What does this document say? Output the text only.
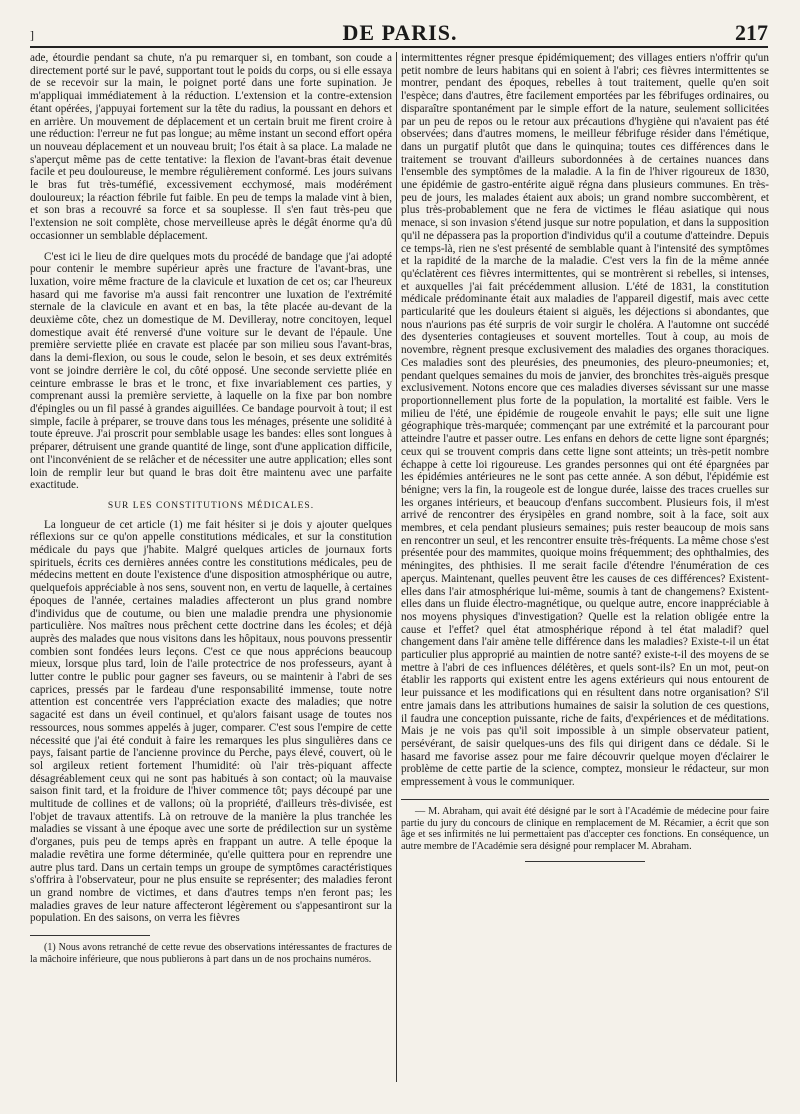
]	DE PARIS.	217

ade, étourdie pendant sa chute, n'a pu remarquer si, en tombant, son coude a directement porté sur le pavé, supportant tout le poids du corps, ou si elle essaya de se recevoir sur la main, le poignet porté dans une forte supination. Je m'appliquai immédiatement à la réduction. L'extension et la contre-extension étant opérées, j'appuyai fortement sur la tête du radius, la poussant en dehors et en arrière. Un mouvement de déplacement et un certain bruit me firent croire à une réduction: l'erreur ne fut pas longue; au même instant un second effort opéra un nouveau déplacement et un nouveau bruit; l'os était à sa place. La malade ne s'aperçut même pas de cette tentative: la flexion de l'avant-bras était devenue facile et peu douloureuse, le membre régulièrement conformé. Les jours suivans le bras fut très-tuméfié, excessivement ecchymosé, mais modérément douloureux; la réaction fébrile fut faible. En peu de temps la malade vint à bien, et son bras a recouvré sa force et sa souplesse. Il s'en faut très-peu que l'extension ne soit complète, chose merveilleuse après le dégât énorme qu'a dû occasionner un semblable déplacement.

C'est ici le lieu de dire quelques mots du procédé de bandage que j'ai adopté pour contenir le membre supérieur après une fracture de l'avant-bras, une luxation, voire même fracture de la clavicule et luxation de cet os; car l'heureux hasard qui me favorise m'a aussi fait rencontrer une luxation de l'extrémité sternale de la clavicule en avant et en bas, la tête placée au-devant de la deuxième côte, chez un domestique de M. Devilleray, notre concitoyen, lequel domestique avait été renversé d'une voiture sur le devant de l'épaule. Une première serviette pliée en cravate est placée par son milieu sous l'avant-bras, dans la demi-flexion, ou sous le coude, selon le besoin, et ses deux extrémités vont se joindre derrière le col, du côté opposé. Une seconde serviette pliée en ceinture embrasse le bras et le tronc, et fixe invariablement ces parties, y comprenant aussi la première serviette, à laquelle on la fixe par bon nombre d'épingles ou un fil passé à grandes aiguillées. Ce bandage pourvoit à tout; il est simple, facile à préparer, se trouve dans tous les ménages, présente une solidité à toute épreuve. J'ai proscrit pour semblable usage les bandes: elles sont longues à préparer, détruisent une grande quantité de linge, sont d'une application difficile, ont l'inconvénient de se relâcher et de nécessiter une autre application; elles sont loin de remplir leur but quand le bras doit être maintenu avec une parfaite exactitude.

SUR LES CONSTITUTIONS MÉDICALES.

La longueur de cet article (1) me fait hésiter si je dois y ajouter quelques réflexions sur ce qu'on appelle constitutions médicales, et sur la constitution médicale du pays que j'habite. Malgré quelques articles de journaux forts spirituels, écrits ces dernières années contre les constitutions médicales, peu de médecins mettent en doute l'existence d'une disposition atmosphérique ou autre, quelquefois appréciable à nos sens, souvent non, en vertu de laquelle, à certaines époques de l'année, certaines maladies affecteront un plus grand nombre d'individus que de coutume, ou bien une maladie prendra une physionomie particulière. Nos maîtres nous prêchent cette doctrine dans les écoles; et déjà auprès des malades que nous visitons dans les hôpitaux, nous pouvons pressentir combien sont fondées leurs leçons. C'est ce que nous apprécions beaucoup mieux, lorsque plus tard, loin de l'aile protectrice de nos professeurs, ayant à lutter contre le public pour gagner ses faveurs, ou se maintenir à l'abri de ses caprices, pressés par le fardeau d'une responsabilité immense, toute notre attention est concentrée vers l'appréciation exacte des maladies; que notre sagacité est dans un éveil continuel, et qu'alors faisant usage de toutes nos ressources, nous sommes appelés à juger, comparer. C'est sous l'empire de cette nécessité que j'ai été conduit à faire les remarques les plus singulières dans ce pays, faisant partie de l'ancienne province du Perche, pays élevé, couvert, où le sol argileux retient fortement l'humidité: où l'air très-piquant affecte désagréablement ceux qui ne sont pas habitués à son contact; où la mauvaise saison finit tard, et la froidure de l'hiver commence tôt; pays découpé par une multitude de collines et de vallons; où la propriété, d'ailleurs très-divisée, est l'objet de travaux attentifs. Là on retrouve de la manière la plus tranchée les maladies se vissant à une époque avec une sorte de prédilection sur un système d'organes, puis peu de temps après en frappant un autre. A telle époque la maladie revêtira une forme déterminée, qu'elle quittera pour en reprendre une autre plus tard. Dans un certain temps un groupe de symptômes caractéristiques s'offrira à l'observateur, pour ne plus ensuite se représenter; des maladies feront un grand nombre de victimes, et dans d'autres temps n'en feront pas; les maladies graves de leur nature affecteront légèrement ou s'appesantiront sur la population. En des saisons, on verra les fièvres

(1) Nous avons retranché de cette revue des observations intéressantes de fractures de la mâchoire inférieure, que nous publierons à part dans un de nos prochains numéros.

intermittentes régner presque épidémiquement; des villages entiers n'offrir qu'un petit nombre de leurs habitans qui en soient à l'abri; ces fièvres intermittentes se montrer, pendant des époques, rebelles à tout traitement, quelle qu'en soit l'espèce; dans d'autres, être facilement emportées par les fébrifuges ordinaires, ou disparaître spontanément par le simple effort de la nature, seulement sollicitées par un peu de repos ou le retour aux précautions d'hygiène qui n'avaient pas été observées; dans d'autres momens, le meilleur fébrifuge résider dans l'émétique, dans un purgatif plutôt que dans le quinquina; toutes ces différences dans le traitement se trouvant d'ailleurs subordonnées à de certaines nuances dans l'ensemble des symptômes de la maladie. A la fin de l'hiver rigoureux de 1830, une épidémie de gastro-entérite aiguë régna dans plusieurs communes. En très-peu de jours, les malades étaient aux abois; un grand nombre succombèrent, et plus très-probablement que ne fera de victimes le fléau asiatique qui nous menace, si son invasion s'étend jusque sur notre population, et dans la supposition qu'il ne dépassera pas la proportion d'individus qu'il a coutume d'atteindre. Depuis ce temps-là, rien ne s'est présenté de semblable quant à l'intensité des symptômes et la rapidité de la marche de la maladie. C'est vers la fin de la même année qu'éclatèrent ces fièvres intermittentes, qui se montrèrent si rebelles, si intenses, et auxquelles j'ai fait précédemment allusion. L'été de 1831, la constitution médicale prédominante était aux maladies de l'appareil digestif, mais avec cette particularité que les douleurs étaient si aiguës, les déjections si abondantes, que nous n'aurions pas été surpris de voir surgir le choléra. A l'automne ont succédé des dysenteries contagieuses et souvent mortelles. Tout à coup, au mois de novembre, règnent presque exclusivement des maladies des organes thoraciques. Ces maladies sont des pleurésies, des pneumonies, des pleuro-pneumonies; et, pendant quelques semaines du mois de janvier, des bronchites très-aiguës presque exclusivement. Notons encore que ces maladies diverses sévissant sur une masse proportionnellement plus forte de la population, la mortalité est faible. Vers le milieu de l'été, une épidémie de rougeole envahit le pays; elle suit une ligne géographique très-marquée; commençant par une extrémité et la parcourant pour atteindre l'autre et passer outre. Les enfans en dehors de cette ligne sont épargnés; ceux qui se trouvent compris dans cette ligne sont atteints; un très-petit nombre échappe à cette loi rigoureuse. Les grandes personnes qui ont été épargnées par les épidémies antérieures ne le sont pas cette année. A son début, l'épidémie est bénigne; vers la fin, la rougeole est de longue durée, laisse des traces cruelles sur les organes intérieurs, et beaucoup d'enfans succombent. Plusieurs fois, il m'est arrivé de rencontrer des érysipèles en grand nombre, soit à la face, soit aux membres, et cela pendant plusieurs semaines; puis rester beaucoup de mois sans en rencontrer un seul, et les rencontrer ensuite très-fréquents. La même chose s'est présentée pour des mammites, quoique moins fréquemment; des ophthalmies, des méningites, des phthisies. Il me serait facile d'étendre l'énumération de ces aperçus. Maintenant, quelles peuvent être les causes de ces différences? Existent-elles dans l'air atmosphérique lui-même, soumis à tant de changemens? Existent-elles dans un fluide électro-magnétique, ou quelque autre, encore inappréciable à nos moyens physiques d'investigation? Quelle est la relation obligée entre la cause et l'effet? quel état atmosphérique répond à tel état maladif? quel changement dans l'air amène telle différence dans les maladies? Existe-t-il un état particulier plus approprié au maintien de notre santé? existe-t-il des moyens de se mettre à l'abri de ces influences délétères, et quels sont-ils? En un mot, peut-on établir les rapports qui existent entre les agens extérieurs qui nous entourent de leur puissance et les modifications qui en résultent dans notre organisation? S'il entre jamais dans les attributions humaines de saisir la solution de ces questions, il faudra une conception puissante, riche de faits, d'expériences et de méditations. Mais je ne vois pas qu'il soit impossible à un simple observateur patient, persévérant, de saisir quelques-uns des fils qui dirigent dans ce dédale. Si le hasard me favorise assez pour me faire découvrir quelque moyen d'éclairer le problème de cette partie de la science, comptez, monsieur le rédacteur, sur mon empressement à vous le communiquer.

— M. Abraham, qui avait été désigné par le sort à l'Académie de médecine pour faire partie du jury du concours de clinique en remplacement de M. Récamier, a écrit que son âge et ses infirmités ne lui permettaient pas d'accepter ces fonctions. En conséquence, un autre membre de l'Académie sera désigné pour remplacer M. Abraham.
